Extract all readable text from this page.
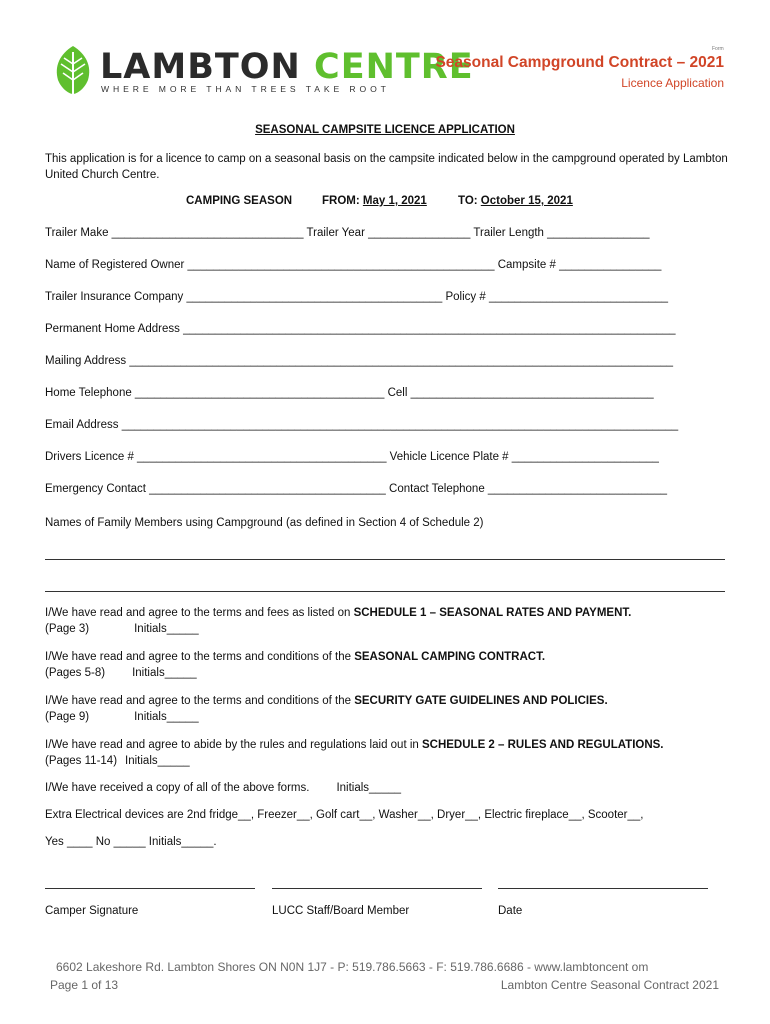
LAMBTON CENTRE
WHERE MORE THAN TREES TAKE ROOT
Form
Seasonal Campground Contract – 2021
Licence Application
SEASONAL CAMPSITE LICENCE APPLICATION
This application is for a licence to camp on a seasonal basis on the campsite indicated below in the campground operated by Lambton United Church Centre.
CAMPING SEASON	FROM: May 1, 2021	TO: October 15, 2021
Trailer Make ______________________________ Trailer Year ________________ Trailer Length ________________
Name of Registered Owner ________________________________________________ Campsite # ________________
Trailer Insurance Company ________________________________________ Policy # ____________________________
Permanent Home Address _____________________________________________________________________________
Mailing Address _____________________________________________________________________________________
Home Telephone _______________________________________ Cell ______________________________________
Email Address _______________________________________________________________________________________
Drivers Licence # _______________________________________ Vehicle Licence Plate # _______________________
Emergency Contact _____________________________________ Contact Telephone ____________________________
Names of Family Members using Campground (as defined in Section 4 of Schedule 2)
I/We have read and agree to the terms and fees as listed on SCHEDULE 1 – SEASONAL RATES AND PAYMENT.
(Page 3)	Initials_____
I/We have read and agree to the terms and conditions of the SEASONAL CAMPING CONTRACT.
(Pages 5-8) Initials_____
I/We have read and agree to the terms and conditions of the SECURITY GATE GUIDELINES AND POLICIES.
(Page 9)	Initials_____
I/We have read and agree to abide by the rules and regulations laid out in SCHEDULE 2 – RULES AND REGULATIONS.
(Pages 11-14) Initials_____
I/We have received a copy of all of the above forms. Initials_____
Extra Electrical devices are 2nd fridge__, Freezer__, Golf cart__, Washer__, Dryer__, Electric fireplace__, Scooter__,
Yes ____ No _____ Initials_____.
Camper Signature	LUCC Staff/Board Member	Date
6602 Lakeshore Rd. Lambton Shores ON N0N 1J7 - P: 519.786.5663 - F: 519.786.6686 - www.lambtoncent om
Page 1 of 13	Lambton Centre Seasonal Contract 2021
